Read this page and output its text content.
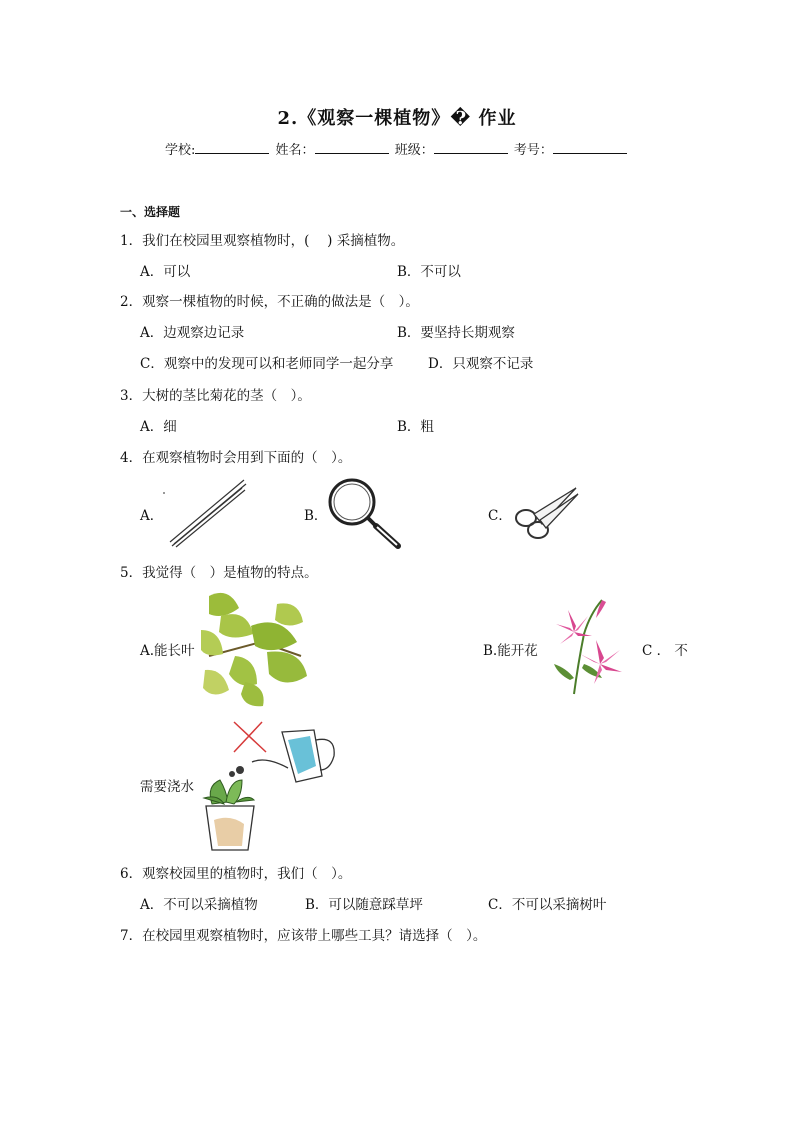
2.《观察一棵植物》� 作业
学校:	姓名：	班级：	考号：
一、选择题
1．我们在校园里观察植物时，(　 ) 采摘植物。
A．可以	B．不可以
2．观察一棵植物的时候，不正确的做法是（　）。
A．边观察边记录	B．要坚持长期观察
C．观察中的发现可以和老师同学一起分享	D．只观察不记录
3．大树的茎比菊花的茎（　）。
A．细	B．粗
4．在观察植物时会用到下面的（　）。
A．	B．	C．
5．我觉得（　）是植物的特点。
A.能长叶	B.能开花	C ． 不
需要浇水
6．观察校园里的植物时，我们（　）。
A．不可以采摘植物	B．可以随意踩草坪	C．不可以采摘树叶
7．在校园里观察植物时，应该带上哪些工具？请选择（　）。
